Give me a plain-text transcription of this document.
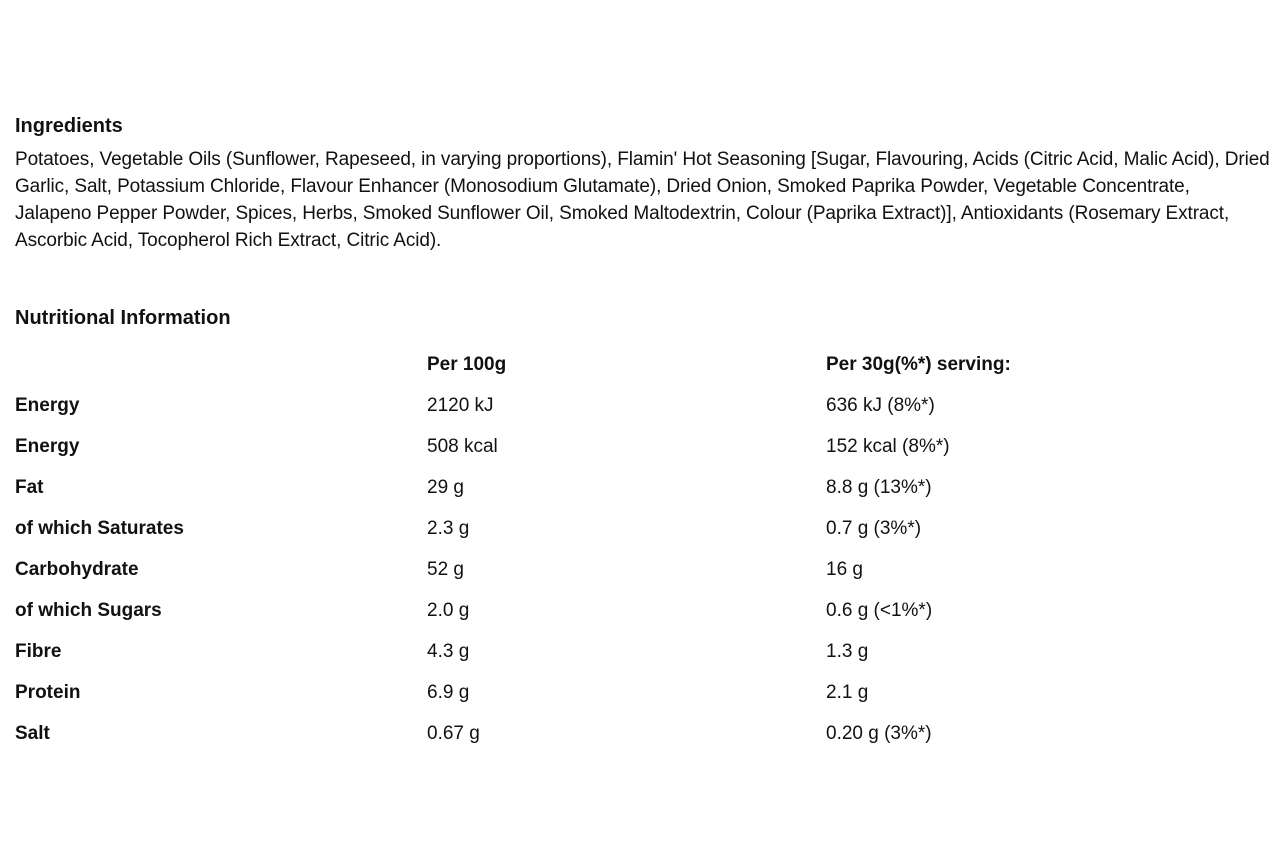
Ingredients

Potatoes, Vegetable Oils (Sunflower, Rapeseed, in varying proportions), Flamin' Hot Seasoning [Sugar, Flavouring, Acids (Citric Acid, Malic Acid), Dried Garlic, Salt, Potassium Chloride, Flavour Enhancer (Monosodium Glutamate), Dried Onion, Smoked Paprika Powder, Vegetable Concentrate, Jalapeno Pepper Powder, Spices, Herbs, Smoked Sunflower Oil, Smoked Maltodextrin, Colour (Paprika Extract)], Antioxidants (Rosemary Extract, Ascorbic Acid, Tocopherol Rich Extract, Citric Acid).

Nutritional Information
	Per 100g	Per 30g(%*) serving:
Energy	2120 kJ	636 kJ (8%*)
Energy	508 kcal	152 kcal (8%*)
Fat	29 g	8.8 g (13%*)
of which Saturates	2.3 g	0.7 g (3%*)
Carbohydrate	52 g	16 g
of which Sugars	2.0 g	0.6 g (<1%*)
Fibre	4.3 g	1.3 g
Protein	6.9 g	2.1 g
Salt	0.67 g	0.20 g (3%*)
